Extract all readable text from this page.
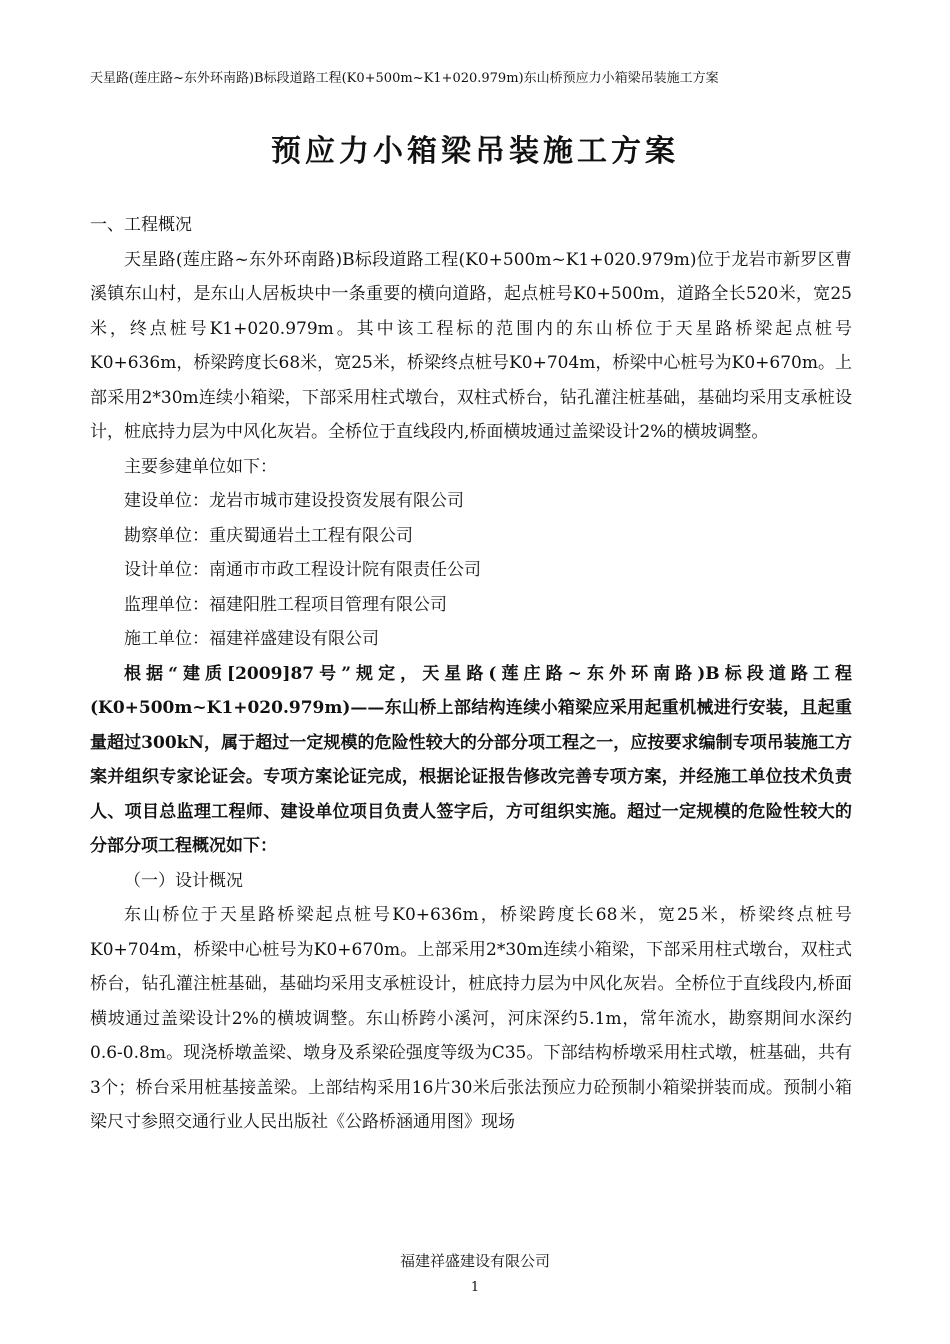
天星路(莲庄路~东外环南路)B标段道路工程(K0+500m~K1+020.979m)东山桥预应力小箱梁吊装施工方案
预应力小箱梁吊装施工方案

一、工程概况

天星路(莲庄路~东外环南路)B标段道路工程(K0+500m~K1+020.979m)位于龙岩市新罗区曹溪镇东山村，是东山人居板块中一条重要的横向道路，起点桩号K0+500m，道路全长520米，宽25米，终点桩号K1+020.979m。其中该工程标的范围内的东山桥位于天星路桥梁起点桩号K0+636m，桥梁跨度长68米，宽25米，桥梁终点桩号K0+704m，桥梁中心桩号为K0+670m。上部采用2*30m连续小箱梁，下部采用柱式墩台，双柱式桥台，钻孔灌注桩基础，基础均采用支承桩设计，桩底持力层为中风化灰岩。全桥位于直线段内,桥面横坡通过盖梁设计2%的横坡调整。

主要参建单位如下：

建设单位：龙岩市城市建设投资发展有限公司

勘察单位：重庆蜀通岩土工程有限公司

设计单位：南通市市政工程设计院有限责任公司

监理单位：福建阳胜工程项目管理有限公司

施工单位：福建祥盛建设有限公司

根据“建质[2009]87号”规定，天星路(莲庄路~东外环南路)B标段道路工程(K0+500m~K1+020.979m)——东山桥上部结构连续小箱梁应采用起重机械进行安装，且起重量超过300kN，属于超过一定规模的危险性较大的分部分项工程之一，应按要求编制专项吊装施工方案并组织专家论证会。专项方案论证完成，根据论证报告修改完善专项方案，并经施工单位技术负责人、项目总监理工程师、建设单位项目负责人签字后，方可组织实施。超过一定规模的危险性较大的分部分项工程概况如下：

（一）设计概况

东山桥位于天星路桥梁起点桩号K0+636m，桥梁跨度长68米，宽25米，桥梁终点桩号K0+704m，桥梁中心桩号为K0+670m。上部采用2*30m连续小箱梁，下部采用柱式墩台，双柱式桥台，钻孔灌注桩基础，基础均采用支承桩设计，桩底持力层为中风化灰岩。全桥位于直线段内,桥面横坡通过盖梁设计2%的横坡调整。东山桥跨小溪河，河床深约5.1m，常年流水，勘察期间水深约0.6-0.8m。现浇桥墩盖梁、墩身及系梁砼强度等级为C35。下部结构桥墩采用柱式墩，桩基础，共有3个；桥台采用桩基接盖梁。上部结构采用16片30米后张法预应力砼预制小箱梁拼装而成。预制小箱梁尺寸参照交通行业人民出版社《公路桥涵通用图》现场

福建祥盛建设有限公司
1
